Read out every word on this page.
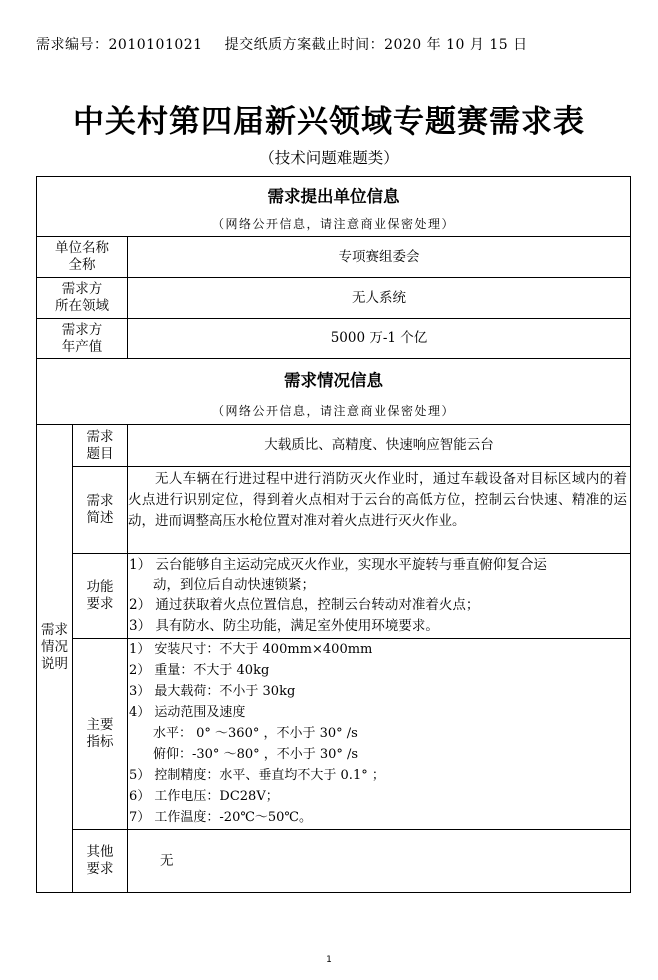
需求编号：2010101021 提交纸质方案截止时间：2020 年 10 月 15 日
中关村第四届新兴领域专题赛需求表
（技术问题难题类）
需求提出单位信息
（网络公开信息，请注意商业保密处理）
单位名称
全称
专项赛组委会
需求方
所在领域
无人系统
需求方
年产值
5000 万-1 个亿
需求情况信息
（网络公开信息，请注意商业保密处理）
需求
情况
说明
需求
题目
大载质比、高精度、快速响应智能云台
需求
简述
无人车辆在行进过程中进行消防灭火作业时，通过车载设备对目标区域内的着火点进行识别定位，得到着火点相对于云台的高低方位，控制云台快速、精准的运动，进而调整高压水枪位置对准对着火点进行灭火作业。
功能
要求
1） 云台能够自主运动完成灭火作业，实现水平旋转与垂直俯仰复合运
动，到位后自动快速锁紧；
2） 通过获取着火点位置信息，控制云台转动对准着火点；
3） 具有防水、防尘功能，满足室外使用环境要求。
主要
指标
1） 安装尺寸：不大于 400mm×400mm
2） 重量：不大于 40kg
3） 最大载荷：不小于 30kg
4） 运动范围及速度
水平： 0° ～360° ，不小于 30° /s
俯仰：-30° ～80° ，不小于 30° /s
5） 控制精度：水平、垂直均不大于 0.1° ；
6） 工作电压：DC28V；
7） 工作温度：-20℃～50℃。
其他
要求	无
1
